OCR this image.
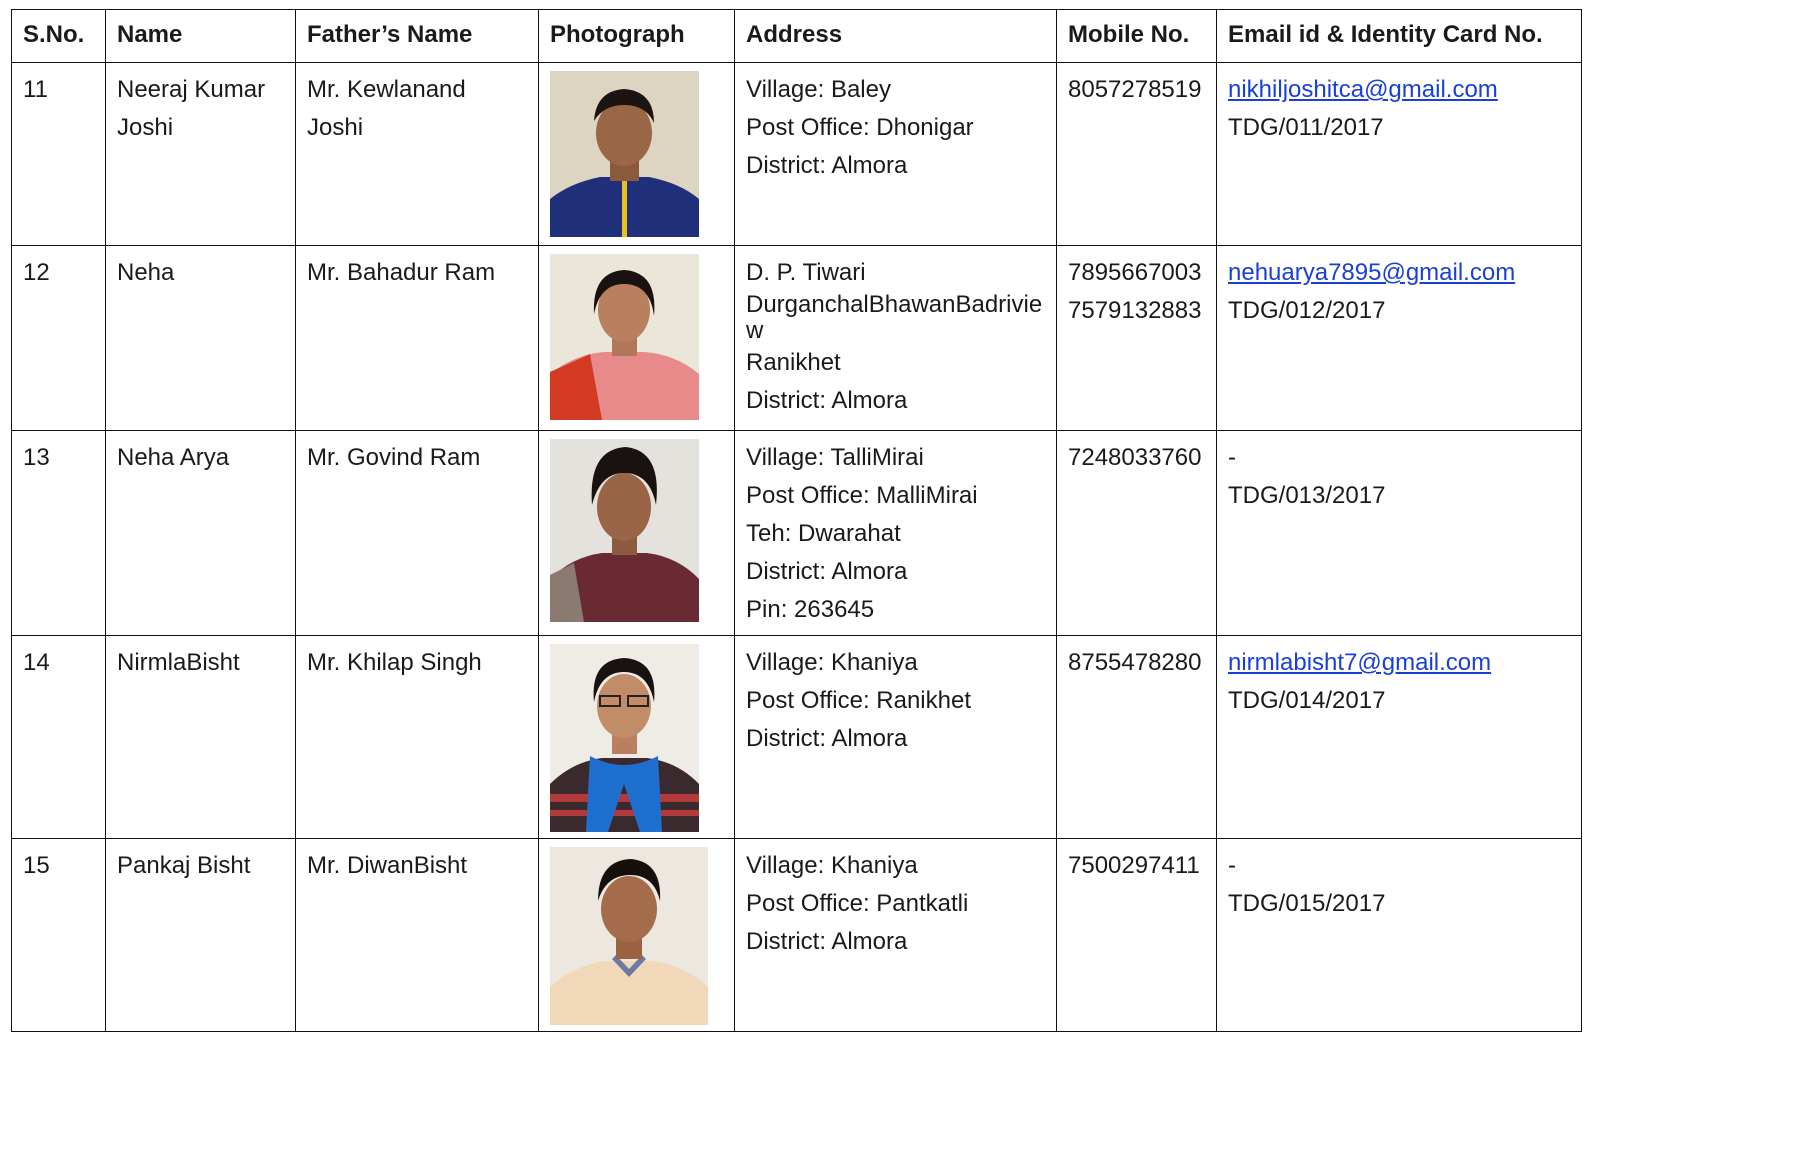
S.No.	Name	Father’s Name	Photograph	Address	Mobile No.	Email id & Identity Card No.
11	Neeraj Kumar
Joshi	Mr. Kewlanand Joshi		Village: Baley
Post Office: Dhonigar
District: Almora	8057278519	nikhiljoshitca@gmail.com
TDG/011/2017

12	Neha	Mr. Bahadur Ram		D. P. Tiwari
DurganchalBhawanBadrivie
w
Ranikhet
District: Almora	7895667003
7579132883	nehuarya7895@gmail.com
TDG/012/2017

13	Neha Arya	Mr. Govind Ram		Village: TalliMirai
Post Office: MalliMirai
Teh: Dwarahat
District: Almora
Pin: 263645	7248033760	-
TDG/013/2017

14	NirmlaBisht	Mr. Khilap Singh		Village: Khaniya
Post Office: Ranikhet
District: Almora	8755478280	nirmlabisht7@gmail.com
TDG/014/2017

15	Pankaj Bisht	Mr. DiwanBisht		Village: Khaniya
Post Office: Pantkatli
District: Almora	7500297411	-
TDG/015/2017
